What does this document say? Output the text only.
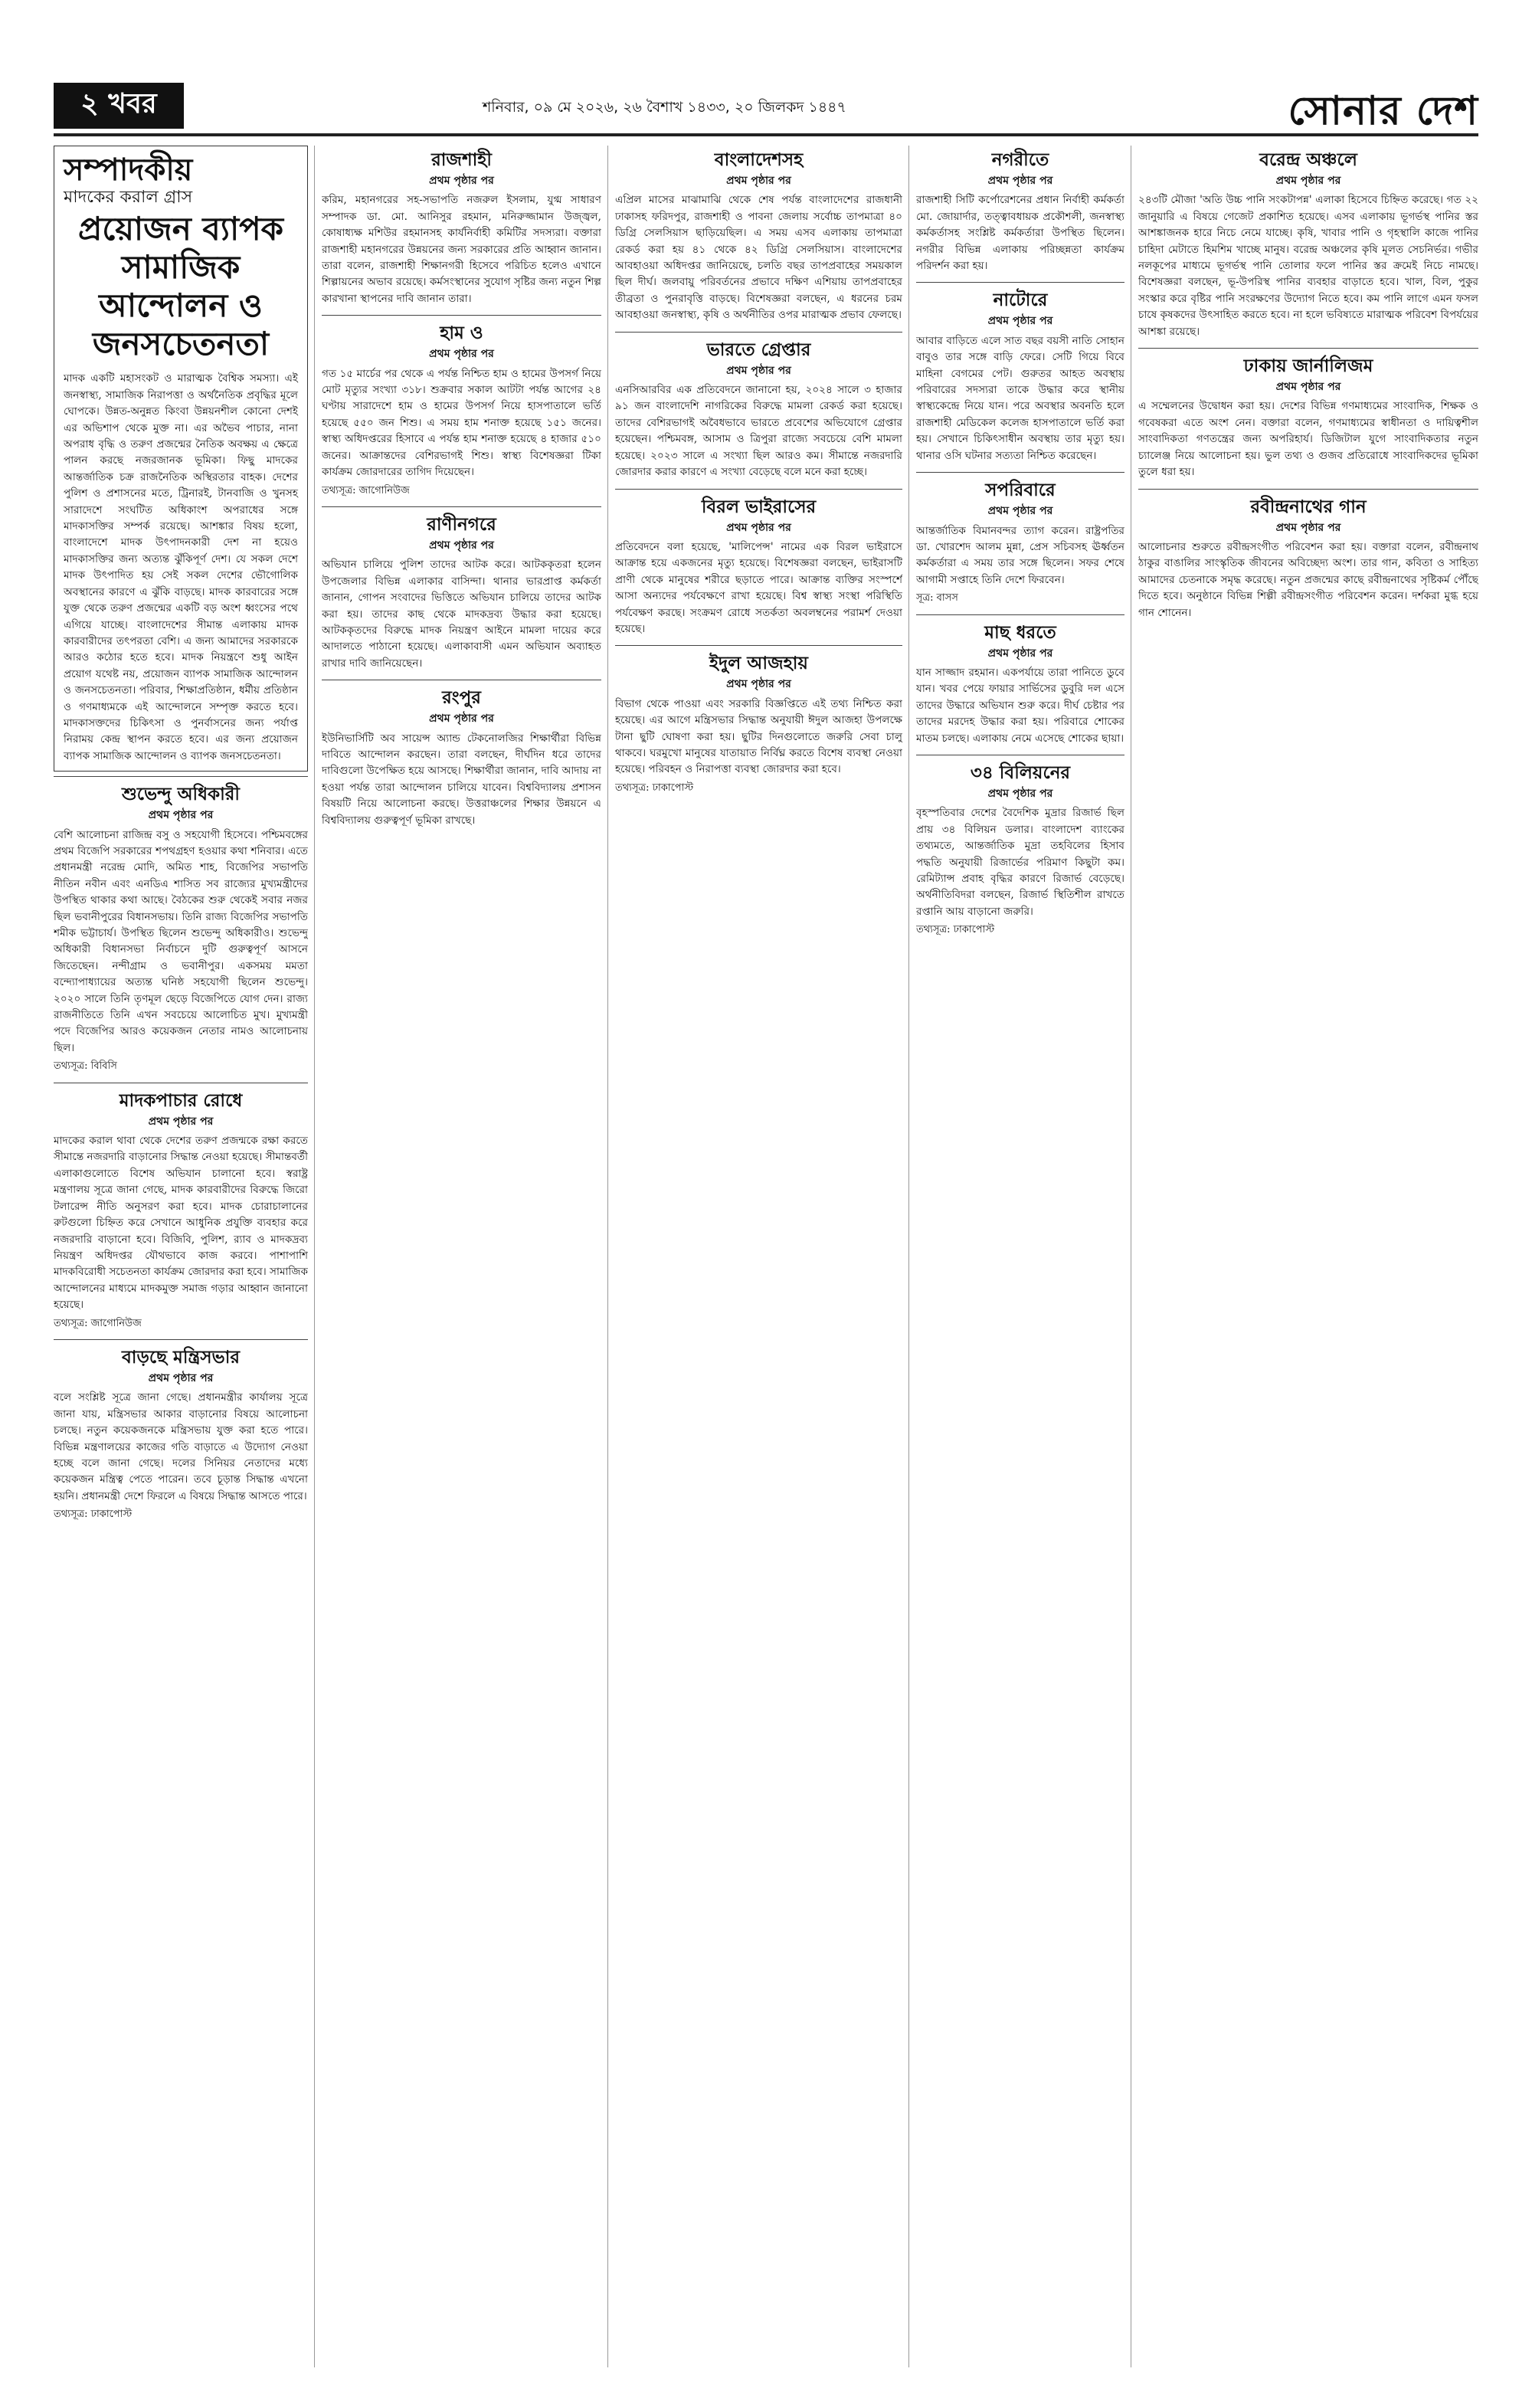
২ খবর	শনিবার, ০৯ মে ২০২৬, ২৬ বৈশাখ ১৪৩৩, ২০ জিলকদ ১৪৪৭	সোনার দেশ
সম্পাদকীয়
মাদকের করাল গ্রাস
প্রয়োজন ব্যাপক সামাজিক আন্দোলন ও জনসচেতনতা

মাদক একটি মহাসংকট ও মারাত্মক বৈশ্বিক সমস্যা। এই জনস্বাস্থ্য, সামাজিক নিরাপত্তা ও অর্থনৈতিক প্রবৃদ্ধির মূলে ঘোপকে। উন্নত-অনুন্নত কিংবা উন্নয়নশীল কোনো দেশই এর অভিশাপ থেকে মুক্ত না। এর অভৈব পাচার, নানা অপরাধ বৃদ্ধি ও তরুণ প্রজন্মের নৈতিক অবক্ষয় এ ক্ষেত্রে পালন করছে নজরজানক ভূমিকা। ফিছু মাদকের আন্তর্জাতিক চক্র রাজনৈতিক অস্থিরতার বাহক। দেশের পুলিশ ও প্রশাসনের মতে, ট্রিনারই, টানবাজি ও খুনসহ সারাদেশে সংঘটিত অধিকাংশ অপরাধের সঙ্গে মাদকাসক্তির সম্পর্ক রয়েছে। আশঙ্কার বিষয় হলো, বাংলাদেশে মাদক উৎপাদনকারী দেশ না হয়েও মাদকাসক্তির জন্য অত্যন্ত ঝুঁকিপূর্ণ দেশ। যে সকল দেশে মাদক উৎপাদিত হয় সেই সকল দেশের ভৌগোলিক অবস্থানের কারণে এ ঝুঁকি বাড়ছে। মাদক কারবারের সঙ্গে যুক্ত থেকে তরুণ প্রজন্মের একটি বড় অংশ ধ্বংসের পথে এগিয়ে যাচ্ছে। বাংলাদেশের সীমান্ত এলাকায় মাদক কারবারীদের তৎপরতা বেশি। এ জন্য আমাদের সরকারকে আরও কঠোর হতে হবে। মাদক নিয়ন্ত্রণে শুধু আইন প্রয়োগ যথেষ্ট নয়, প্রয়োজন ব্যাপক সামাজিক আন্দোলন ও জনসচেতনতা। পরিবার, শিক্ষাপ্রতিষ্ঠান, ধর্মীয় প্রতিষ্ঠান ও গণমাধ্যমকে এই আন্দোলনে সম্পৃক্ত করতে হবে। মাদকাসক্তদের চিকিৎসা ও পুনর্বাসনের জন্য পর্যাপ্ত নিরাময় কেন্দ্র স্থাপন করতে হবে। এর জন্য প্রয়োজন ব্যাপক সামাজিক আন্দোলন ও ব্যাপক জনসচেতনতা।

শুভেন্দু অধিকারী
প্রথম পৃষ্ঠার পর

বেশি আলোচনা রাজিন্দ্র বসু ও সহযোগী হিসেবে। পশ্চিমবঙ্গের প্রথম বিজেপি সরকারের শপথগ্রহণ হওয়ার কথা শনিবার। এতে প্রধানমন্ত্রী নরেন্দ্র মোদি, অমিত শাহ, বিজেপির সভাপতি নীতিন নবীন এবং এনডিএ শাসিত সব রাজ্যের মুখ্যমন্ত্রীদের উপস্থিত থাকার কথা আছে। বৈঠকের শুরু থেকেই সবার নজর ছিল ভবানীপুরের বিধানসভায়। তিনি রাজ্য বিজেপির সভাপতি শমীক ভট্টাচার্য। উপস্থিত ছিলেন শুভেন্দু অধিকারীও। শুভেন্দু অধিকারী বিধানসভা নির্বাচনে দুটি গুরুত্বপূর্ণ আসনে জিতেছেন। নন্দীগ্রাম ও ভবানীপুর। একসময় মমতা বন্দ্যোপাধ্যায়ের অত্যন্ত ঘনিষ্ঠ সহযোগী ছিলেন শুভেন্দু। ২০২০ সালে তিনি তৃণমূল ছেড়ে বিজেপিতে যোগ দেন। রাজ্য রাজনীতিতে তিনি এখন সবচেয়ে আলোচিত মুখ। মুখ্যমন্ত্রী পদে বিজেপির আরও কয়েকজন নেতার নামও আলোচনায় ছিল।

তথ্যসূত্র: বিবিসি
মাদকপাচার রোধে
প্রথম পৃষ্ঠার পর

মাদকের করাল থাবা থেকে দেশের তরুণ প্রজন্মকে রক্ষা করতে সীমান্তে নজরদারি বাড়ানোর সিদ্ধান্ত নেওয়া হয়েছে। সীমান্তবর্তী এলাকাগুলোতে বিশেষ অভিযান চালানো হবে। স্বরাষ্ট্র মন্ত্রণালয় সূত্রে জানা গেছে, মাদক কারবারীদের বিরুদ্ধে জিরো টলারেন্স নীতি অনুসরণ করা হবে। মাদক চোরাচালানের রুটগুলো চিহ্নিত করে সেখানে আধুনিক প্রযুক্তি ব্যবহার করে নজরদারি বাড়ানো হবে। বিজিবি, পুলিশ, র‍্যাব ও মাদকদ্রব্য নিয়ন্ত্রণ অধিদপ্তর যৌথভাবে কাজ করবে। পাশাপাশি মাদকবিরোধী সচেতনতা কার্যক্রম জোরদার করা হবে। সামাজিক আন্দোলনের মাধ্যমে মাদকমুক্ত সমাজ গড়ার আহ্বান জানানো হয়েছে।

তথ্যসূত্র: জাগোনিউজ
বাড়ছে মন্ত্রিসভার
প্রথম পৃষ্ঠার পর

বলে সংশ্লিষ্ট সূত্রে জানা গেছে। প্রধানমন্ত্রীর কার্যালয় সূত্রে জানা যায়, মন্ত্রিসভার আকার বাড়ানোর বিষয়ে আলোচনা চলছে। নতুন কয়েকজনকে মন্ত্রিসভায় যুক্ত করা হতে পারে। বিভিন্ন মন্ত্রণালয়ের কাজের গতি বাড়াতে এ উদ্যোগ নেওয়া হচ্ছে বলে জানা গেছে। দলের সিনিয়র নেতাদের মধ্যে কয়েকজন মন্ত্রিত্ব পেতে পারেন। তবে চূড়ান্ত সিদ্ধান্ত এখনো হয়নি। প্রধানমন্ত্রী দেশে ফিরলে এ বিষয়ে সিদ্ধান্ত আসতে পারে।

তথ্যসূত্র: ঢাকাপোস্ট
রাজশাহী
প্রথম পৃষ্ঠার পর

করিম, মহানগরের সহ-সভাপতি নজরুল ইসলাম, যুগ্ম সাধারণ সম্পাদক ডা. মো. আনিসুর রহমান, মনিরুজ্জামান উজ্জ্বল, কোষাধ্যক্ষ মশিউর রহমানসহ কার্যনির্বাহী কমিটির সদস্যরা। বক্তারা রাজশাহী মহানগরের উন্নয়নের জন্য সরকারের প্রতি আহ্বান জানান। তারা বলেন, রাজশাহী শিক্ষানগরী হিসেবে পরিচিত হলেও এখানে শিল্পায়নের অভাব রয়েছে। কর্মসংস্থানের সুযোগ সৃষ্টির জন্য নতুন শিল্প কারখানা স্থাপনের দাবি জানান তারা।

হাম ও
প্রথম পৃষ্ঠার পর

গত ১৫ মার্চের পর থেকে এ পর্যন্ত নিশ্চিত হাম ও হামের উপসর্গ নিয়ে মোট মৃত্যুর সংখ্যা ৩১৮। শুক্রবার সকাল আটটা পর্যন্ত আগের ২৪ ঘণ্টায় সারাদেশে হাম ও হামের উপসর্গ নিয়ে হাসপাতালে ভর্তি হয়েছে ৫৫০ জন শিশু। এ সময় হাম শনাক্ত হয়েছে ১৫১ জনের। স্বাস্থ্য অধিদপ্তরের হিসাবে এ পর্যন্ত হাম শনাক্ত হয়েছে ৪ হাজার ৫১০ জনের। আক্রান্তদের বেশিরভাগই শিশু। স্বাস্থ্য বিশেষজ্ঞরা টিকা কার্যক্রম জোরদারের তাগিদ দিয়েছেন।

তথ্যসূত্র: জাগোনিউজ
রাণীনগরে
প্রথম পৃষ্ঠার পর

অভিযান চালিয়ে পুলিশ তাদের আটক করে। আটককৃতরা হলেন উপজেলার বিভিন্ন এলাকার বাসিন্দা। থানার ভারপ্রাপ্ত কর্মকর্তা জানান, গোপন সংবাদের ভিত্তিতে অভিযান চালিয়ে তাদের আটক করা হয়। তাদের কাছ থেকে মাদকদ্রব্য উদ্ধার করা হয়েছে। আটককৃতদের বিরুদ্ধে মাদক নিয়ন্ত্রণ আইনে মামলা দায়ের করে আদালতে পাঠানো হয়েছে। এলাকাবাসী এমন অভিযান অব্যাহত রাখার দাবি জানিয়েছেন।

রংপুর
প্রথম পৃষ্ঠার পর

ইউনিভার্সিটি অব সায়েন্স অ্যান্ড টেকনোলজির শিক্ষার্থীরা বিভিন্ন দাবিতে আন্দোলন করছেন। তারা বলছেন, দীর্ঘদিন ধরে তাদের দাবিগুলো উপেক্ষিত হয়ে আসছে। শিক্ষার্থীরা জানান, দাবি আদায় না হওয়া পর্যন্ত তারা আন্দোলন চালিয়ে যাবেন। বিশ্ববিদ্যালয় প্রশাসন বিষয়টি নিয়ে আলোচনা করছে। উত্তরাঞ্চলের শিক্ষার উন্নয়নে এ বিশ্ববিদ্যালয় গুরুত্বপূর্ণ ভূমিকা রাখছে।

বাংলাদেশসহ
প্রথম পৃষ্ঠার পর

এপ্রিল মাসের মাঝামাঝি থেকে শেষ পর্যন্ত বাংলাদেশের রাজধানী ঢাকাসহ ফরিদপুর, রাজশাহী ও পাবনা জেলায় সর্বোচ্চ তাপমাত্রা ৪০ ডিগ্রি সেলসিয়াস ছাড়িয়েছিল। এ সময় এসব এলাকায় তাপমাত্রা রেকর্ড করা হয় ৪১ থেকে ৪২ ডিগ্রি সেলসিয়াস। বাংলাদেশের আবহাওয়া অধিদপ্তর জানিয়েছে, চলতি বছর তাপপ্রবাহের সময়কাল ছিল দীর্ঘ। জলবায়ু পরিবর্তনের প্রভাবে দক্ষিণ এশিয়ায় তাপপ্রবাহের তীব্রতা ও পুনরাবৃত্তি বাড়ছে। বিশেষজ্ঞরা বলছেন, এ ধরনের চরম আবহাওয়া জনস্বাস্থ্য, কৃষি ও অর্থনীতির ওপর মারাত্মক প্রভাব ফেলছে।

ভারতে গ্রেপ্তার
প্রথম পৃষ্ঠার পর

এনসিআরবির এক প্রতিবেদনে জানানো হয়, ২০২৪ সালে ৩ হাজার ৯১ জন বাংলাদেশি নাগরিকের বিরুদ্ধে মামলা রেকর্ড করা হয়েছে। তাদের বেশিরভাগই অবৈধভাবে ভারতে প্রবেশের অভিযোগে গ্রেপ্তার হয়েছেন। পশ্চিমবঙ্গ, আসাম ও ত্রিপুরা রাজ্যে সবচেয়ে বেশি মামলা হয়েছে। ২০২৩ সালে এ সংখ্যা ছিল আরও কম। সীমান্তে নজরদারি জোরদার করার কারণে এ সংখ্যা বেড়েছে বলে মনে করা হচ্ছে।

বিরল ভাইরাসের
প্রথম পৃষ্ঠার পর

প্রতিবেদনে বলা হয়েছে, 'মালিপেন্স' নামের এক বিরল ভাইরাসে আক্রান্ত হয়ে একজনের মৃত্যু হয়েছে। বিশেষজ্ঞরা বলছেন, ভাইরাসটি প্রাণী থেকে মানুষের শরীরে ছড়াতে পারে। আক্রান্ত ব্যক্তির সংস্পর্শে আসা অন্যদের পর্যবেক্ষণে রাখা হয়েছে। বিশ্ব স্বাস্থ্য সংস্থা পরিস্থিতি পর্যবেক্ষণ করছে। সংক্রমণ রোধে সতর্কতা অবলম্বনের পরামর্শ দেওয়া হয়েছে।

ইদুল আজহায়
প্রথম পৃষ্ঠার পর

বিভাগ থেকে পাওয়া এবং সরকারি বিজ্ঞপ্তিতে এই তথ্য নিশ্চিত করা হয়েছে। এর আগে মন্ত্রিসভার সিদ্ধান্ত অনুযায়ী ঈদুল আজহা উপলক্ষে টানা ছুটি ঘোষণা করা হয়। ছুটির দিনগুলোতে জরুরি সেবা চালু থাকবে। ঘরমুখো মানুষের যাতায়াত নির্বিঘ্ন করতে বিশেষ ব্যবস্থা নেওয়া হয়েছে। পরিবহন ও নিরাপত্তা ব্যবস্থা জোরদার করা হবে।

তথ্যসূত্র: ঢাকাপোস্ট
নগরীতে
প্রথম পৃষ্ঠার পর

রাজশাহী সিটি কর্পোরেশনের প্রধান নির্বাহী কর্মকর্তা মো. জোয়ার্দার, তত্ত্বাবধায়ক প্রকৌশলী, জনস্বাস্থ্য কর্মকর্তাসহ সংশ্লিষ্ট কর্মকর্তারা উপস্থিত ছিলেন। নগরীর বিভিন্ন এলাকায় পরিচ্ছন্নতা কার্যক্রম পরিদর্শন করা হয়।

নাটোরে
প্রথম পৃষ্ঠার পর

আবার বাড়িতে এলে সাত বছর বয়সী নাতি সোহান বাবুও তার সঙ্গে বাড়ি ফেরে। সেটি গিয়ে বিবে মাহিনা বেগমের পেট। গুরুতর আহত অবস্থায় পরিবারের সদস্যরা তাকে উদ্ধার করে স্থানীয় স্বাস্থ্যকেন্দ্রে নিয়ে যান। পরে অবস্থার অবনতি হলে রাজশাহী মেডিকেল কলেজ হাসপাতালে ভর্তি করা হয়। সেখানে চিকিৎসাধীন অবস্থায় তার মৃত্যু হয়। থানার ওসি ঘটনার সত্যতা নিশ্চিত করেছেন।

সপরিবারে
প্রথম পৃষ্ঠার পর

আন্তর্জাতিক বিমানবন্দর ত্যাগ করেন। রাষ্ট্রপতির ডা. খোরশেদ আলম মুন্না, প্রেস সচিবসহ ঊর্ধ্বতন কর্মকর্তারা এ সময় তার সঙ্গে ছিলেন। সফর শেষে আগামী সপ্তাহে তিনি দেশে ফিরবেন।

সূত্র: বাসস
মাছ ধরতে
প্রথম পৃষ্ঠার পর

যান সাজ্জাদ রহমান। একপর্যায়ে তারা পানিতে ডুবে যান। খবর পেয়ে ফায়ার সার্ভিসের ডুবুরি দল এসে তাদের উদ্ধারে অভিযান শুরু করে। দীর্ঘ চেষ্টার পর তাদের মরদেহ উদ্ধার করা হয়। পরিবারে শোকের মাতম চলছে। এলাকায় নেমে এসেছে শোকের ছায়া।

৩৪ বিলিয়নের
প্রথম পৃষ্ঠার পর

বৃহস্পতিবার দেশের বৈদেশিক মুদ্রার রিজার্ভ ছিল প্রায় ৩৪ বিলিয়ন ডলার। বাংলাদেশ ব্যাংকের তথ্যমতে, আন্তর্জাতিক মুদ্রা তহবিলের হিসাব পদ্ধতি অনুযায়ী রিজার্ভের পরিমাণ কিছুটা কম। রেমিট্যান্স প্রবাহ বৃদ্ধির কারণে রিজার্ভ বেড়েছে। অর্থনীতিবিদরা বলছেন, রিজার্ভ স্থিতিশীল রাখতে রপ্তানি আয় বাড়ানো জরুরি।

তথ্যসূত্র: ঢাকাপোস্ট
বরেন্দ্র অঞ্চলে
প্রথম পৃষ্ঠার পর

২৪৩টি মৌজা 'অতি উচ্চ পানি সংকটাপন্ন' এলাকা হিসেবে চিহ্নিত করেছে। গত ২২ জানুয়ারি এ বিষয়ে গেজেট প্রকাশিত হয়েছে। এসব এলাকায় ভূগর্ভস্থ পানির স্তর আশঙ্কাজনক হারে নিচে নেমে যাচ্ছে। কৃষি, খাবার পানি ও গৃহস্থালি কাজে পানির চাহিদা মেটাতে হিমশিম খাচ্ছে মানুষ। বরেন্দ্র অঞ্চলের কৃষি মূলত সেচনির্ভর। গভীর নলকূপের মাধ্যমে ভূগর্ভস্থ পানি তোলার ফলে পানির স্তর ক্রমেই নিচে নামছে। বিশেষজ্ঞরা বলছেন, ভূ-উপরিস্থ পানির ব্যবহার বাড়াতে হবে। খাল, বিল, পুকুর সংস্কার করে বৃষ্টির পানি সংরক্ষণের উদ্যোগ নিতে হবে। কম পানি লাগে এমন ফসল চাষে কৃষকদের উৎসাহিত করতে হবে। না হলে ভবিষ্যতে মারাত্মক পরিবেশ বিপর্যয়ের আশঙ্কা রয়েছে।

ঢাকায় জার্নালিজম
প্রথম পৃষ্ঠার পর

এ সম্মেলনের উদ্বোধন করা হয়। দেশের বিভিন্ন গণমাধ্যমের সাংবাদিক, শিক্ষক ও গবেষকরা এতে অংশ নেন। বক্তারা বলেন, গণমাধ্যমের স্বাধীনতা ও দায়িত্বশীল সাংবাদিকতা গণতন্ত্রের জন্য অপরিহার্য। ডিজিটাল যুগে সাংবাদিকতার নতুন চ্যালেঞ্জ নিয়ে আলোচনা হয়। ভুল তথ্য ও গুজব প্রতিরোধে সাংবাদিকদের ভূমিকা তুলে ধরা হয়।

রবীন্দ্রনাথের গান
প্রথম পৃষ্ঠার পর

আলোচনার শুরুতে রবীন্দ্রসংগীত পরিবেশন করা হয়। বক্তারা বলেন, রবীন্দ্রনাথ ঠাকুর বাঙালির সাংস্কৃতিক জীবনের অবিচ্ছেদ্য অংশ। তার গান, কবিতা ও সাহিত্য আমাদের চেতনাকে সমৃদ্ধ করেছে। নতুন প্রজন্মের কাছে রবীন্দ্রনাথের সৃষ্টিকর্ম পৌঁছে দিতে হবে। অনুষ্ঠানে বিভিন্ন শিল্পী রবীন্দ্রসংগীত পরিবেশন করেন। দর্শকরা মুগ্ধ হয়ে গান শোনেন।
